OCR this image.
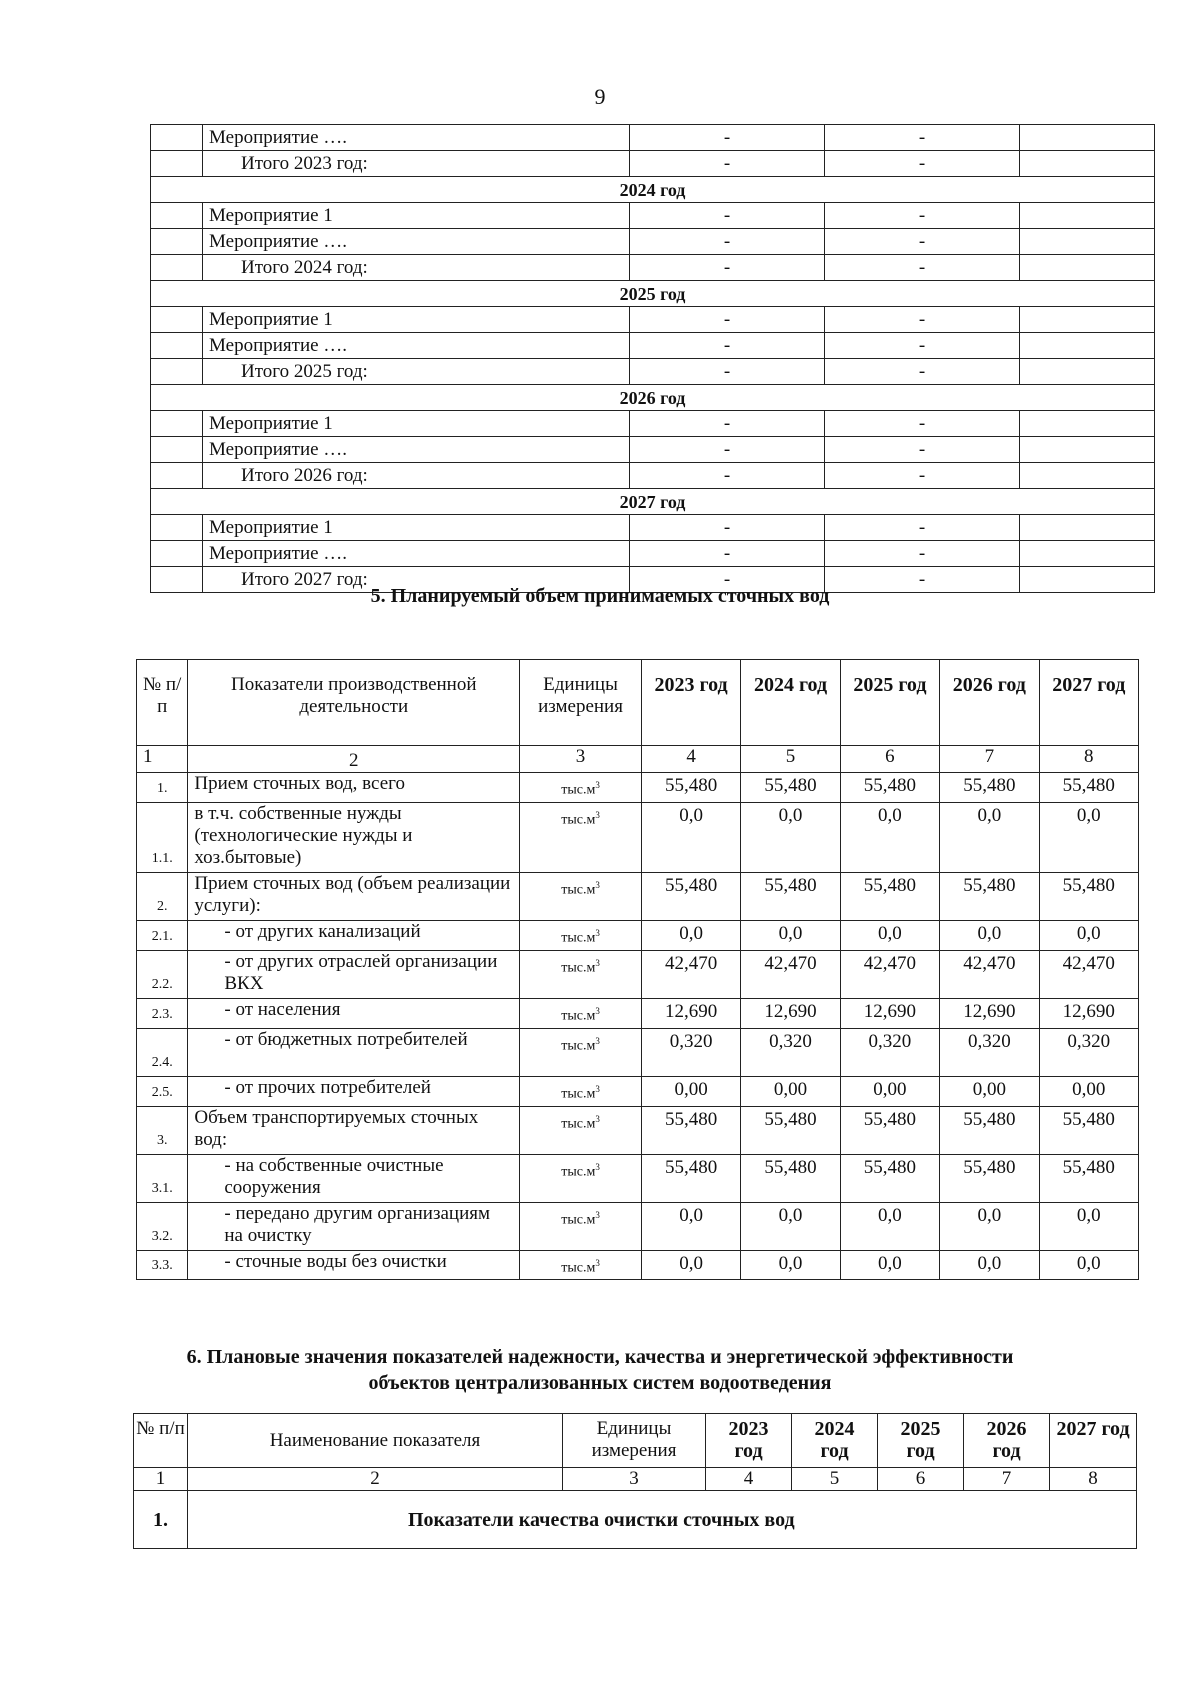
9
	Мероприятие ….	-	-	
	Итого 2023 год:	-	-	
2024 год				
	Мероприятие 1	-	-	
	Мероприятие ….	-	-	
	Итого 2024 год:	-	-	
2025 год				
	Мероприятие 1	-	-	
	Мероприятие ….	-	-	
	Итого 2025 год:	-	-	
2026 год				
	Мероприятие 1	-	-	
	Мероприятие ….	-	-	
	Итого 2026 год:	-	-	
2027 год				
	Мероприятие 1	-	-	
	Мероприятие ….	-	-	
	Итого 2027 год:	-	-	
5. Планируемый объем принимаемых сточных вод
№ п/п	Показатели производственной деятельности	Единицы измерения	2023 год	2024 год	2025 год	2026 год	2027 год
1	2	3	4	5	6	7	8
1.	Прием сточных вод, всего	$тыс.м^3$	55,480	55,480	55,480	55,480	55,480
1.1.	в т.ч. собственные нужды (технологические нужды и хоз.бытовые)	$тыс.м^3$	0,0	0,0	0,0	0,0	0,0
2.	Прием сточных вод (объем реализации услуги):	$тыс.м^3$	55,480	55,480	55,480	55,480	55,480
2.1.	- от других канализаций	$тыс.м^3$	0,0	0,0	0,0	0,0	0,0
2.2.	- от других отраслей организации ВКХ	$тыс.м^3$	42,470	42,470	42,470	42,470	42,470
2.3.	- от населения	$тыс.м^3$	12,690	12,690	12,690	12,690	12,690
2.4.	- от бюджетных потребителей	$тыс.м^3$	0,320	0,320	0,320	0,320	0,320
2.5.	- от прочих потребителей	$тыс.м^3$	0,00	0,00	0,00	0,00	0,00
3.	Объем транспортируемых сточных вод:	$тыс.м^3$	55,480	55,480	55,480	55,480	55,480
3.1.	- на собственные очистные сооружения	$тыс.м^3$	55,480	55,480	55,480	55,480	55,480
3.2.	- передано другим организациям на очистку	$тыс.м^3$	0,0	0,0	0,0	0,0	0,0
3.3.	- сточные воды без очистки	$тыс.м^3$	0,0	0,0	0,0	0,0	0,0
6. Плановые значения показателей надежности, качества и энергетической эффективности
объектов централизованных систем водоотведения
№ п/п	Наименование показателя	Единицы измерения	2023 год	2024 год	2025 год	2026 год	2027 год
1	2	3	4	5	6	7	8
1.	Показатели качества очистки сточных вод						
